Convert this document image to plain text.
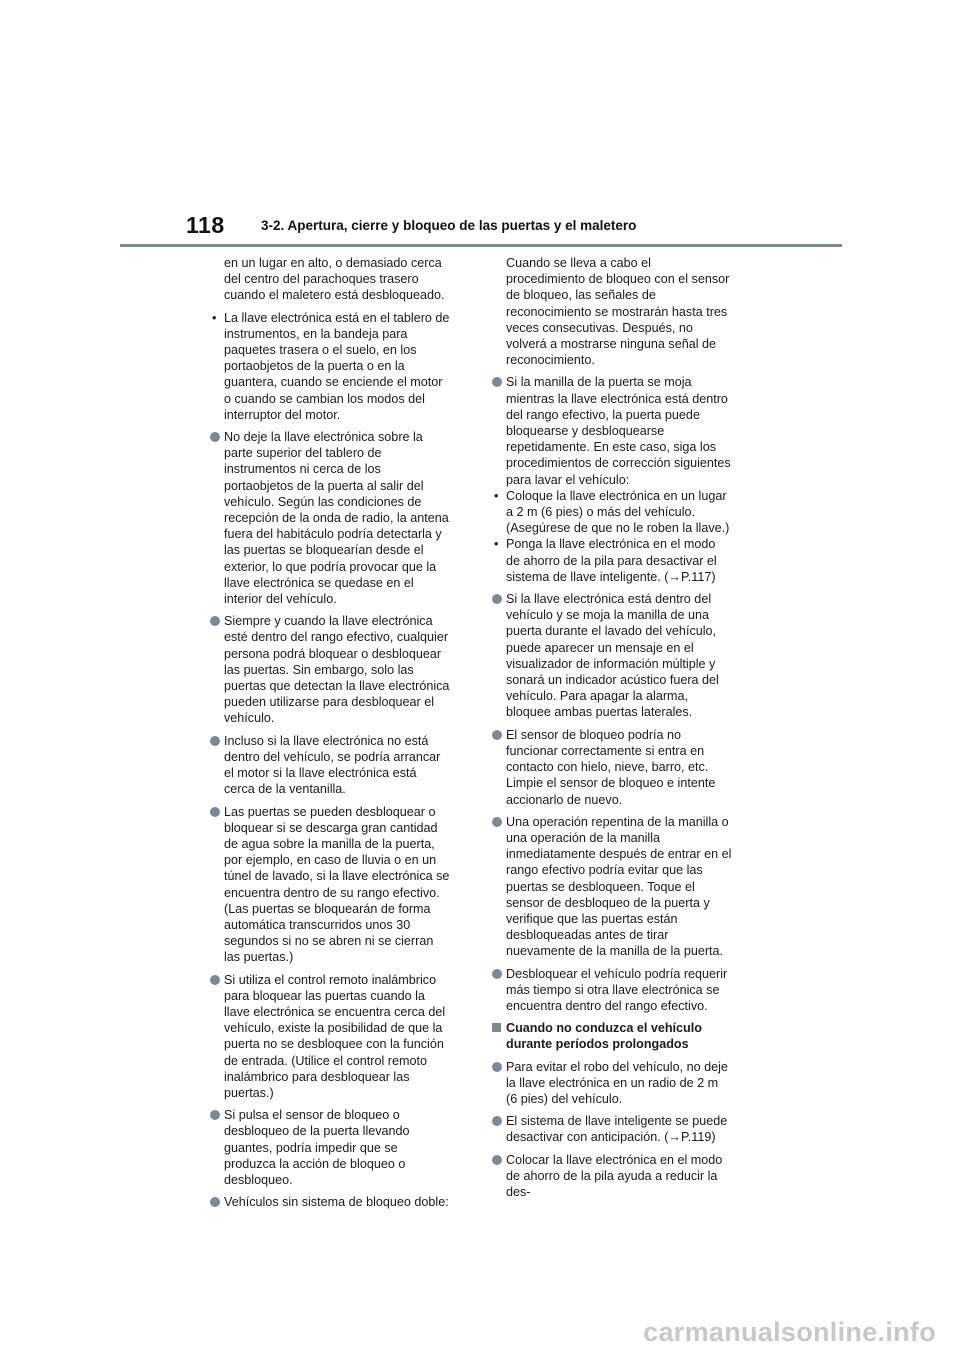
118	3-2. Apertura, cierre y bloqueo de las puertas y el maletero

en un lugar en alto, o demasiado cerca del centro del parachoques trasero cuando el maletero está desbloqueado.

• La llave electrónica está en el tablero de instrumentos, en la bandeja para paquetes trasera o el suelo, en los portaobjetos de la puerta o en la guantera, cuando se enciende el motor o cuando se cambian los modos del interruptor del motor.
No deje la llave electrónica sobre la parte superior del tablero de instrumentos ni cerca de los portaobjetos de la puerta al salir del vehículo. Según las condiciones de recepción de la onda de radio, la antena fuera del habitáculo podría detectarla y las puertas se bloquearían desde el exterior, lo que podría provocar que la llave electrónica se quedase en el interior del vehículo.
Siempre y cuando la llave electrónica esté dentro del rango efectivo, cualquier persona podrá bloquear o desbloquear las puertas. Sin embargo, solo las puertas que detectan la llave electrónica pueden utilizarse para desbloquear el vehículo.
Incluso si la llave electrónica no está dentro del vehículo, se podría arrancar el motor si la llave electrónica está cerca de la ventanilla.
Las puertas se pueden desbloquear o bloquear si se descarga gran cantidad de agua sobre la manilla de la puerta, por ejemplo, en caso de lluvia o en un túnel de lavado, si la llave electrónica se encuentra dentro de su rango efectivo. (Las puertas se bloquearán de forma automática transcurridos unos 30 segundos si no se abren ni se cierran las puertas.)
Si utiliza el control remoto inalámbrico para bloquear las puertas cuando la llave electrónica se encuentra cerca del vehículo, existe la posibilidad de que la puerta no se desbloquee con la función de entrada. (Utilice el control remoto inalámbrico para desbloquear las puertas.)
Si pulsa el sensor de bloqueo o desbloqueo de la puerta llevando guantes, podría impedir que se produzca la acción de bloqueo o desbloqueo.
Vehículos sin sistema de bloqueo doble:

Cuando se lleva a cabo el procedimiento de bloqueo con el sensor de bloqueo, las señales de reconocimiento se mostrarán hasta tres veces consecutivas. Después, no volverá a mostrarse ninguna señal de reconocimiento.

Si la manilla de la puerta se moja mientras la llave electrónica está dentro del rango efectivo, la puerta puede bloquearse y desbloquearse repetidamente. En este caso, siga los procedimientos de corrección siguientes para lavar el vehículo:
• Coloque la llave electrónica en un lugar a 2 m (6 pies) o más del vehículo. (Asegúrese de que no le roben la llave.)
• Ponga la llave electrónica en el modo de ahorro de la pila para desactivar el sistema de llave inteligente. (→P.117)
Si la llave electrónica está dentro del vehículo y se moja la manilla de una puerta durante el lavado del vehículo, puede aparecer un mensaje en el visualizador de información múltiple y sonará un indicador acústico fuera del vehículo. Para apagar la alarma, bloquee ambas puertas laterales.
El sensor de bloqueo podría no funcionar correctamente si entra en contacto con hielo, nieve, barro, etc. Limpie el sensor de bloqueo e intente accionarlo de nuevo.
Una operación repentina de la manilla o una operación de la manilla inmediatamente después de entrar en el rango efectivo podría evitar que las puertas se desbloqueen. Toque el sensor de desbloqueo de la puerta y verifique que las puertas están desbloqueadas antes de tirar nuevamente de la manilla de la puerta.
Desbloquear el vehículo podría requerir más tiempo si otra llave electrónica se encuentra dentro del rango efectivo.
Cuando no conduzca el vehículo durante períodos prolongados
Para evitar el robo del vehículo, no deje la llave electrónica en un radio de 2 m (6 pies) del vehículo.
El sistema de llave inteligente se puede desactivar con anticipación. (→P.119)
Colocar la llave electrónica en el modo de ahorro de la pila ayuda a reducir la des-
carmanualsonline.info
